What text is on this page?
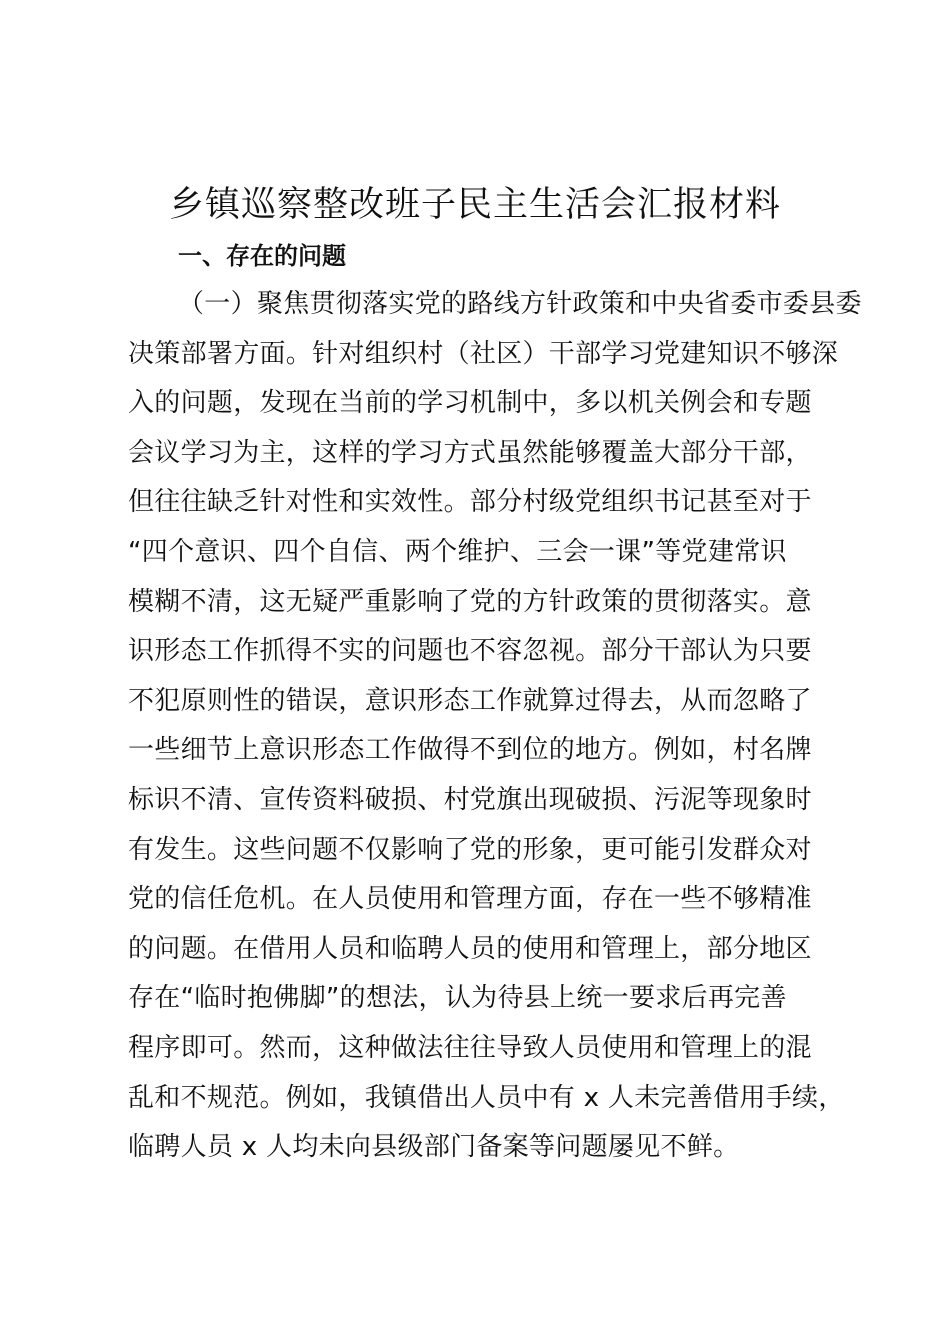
乡镇巡察整改班子民主生活会汇报材料
一、存在的问题
（一）聚焦贯彻落实党的路线方针政策和中央省委市委县委
决策部署方面。针对组织村（社区）干部学习党建知识不够深
入的问题，发现在当前的学习机制中，多以机关例会和专题
会议学习为主，这样的学习方式虽然能够覆盖大部分干部，
但往往缺乏针对性和实效性。部分村级党组织书记甚至对于
“四个意识、四个自信、两个维护、三会一课”等党建常识
模糊不清，这无疑严重影响了党的方针政策的贯彻落实。意
识形态工作抓得不实的问题也不容忽视。部分干部认为只要
不犯原则性的错误，意识形态工作就算过得去，从而忽略了
一些细节上意识形态工作做得不到位的地方。例如，村名牌
标识不清、宣传资料破损、村党旗出现破损、污泥等现象时
有发生。这些问题不仅影响了党的形象，更可能引发群众对
党的信任危机。在人员使用和管理方面，存在一些不够精准
的问题。在借用人员和临聘人员的使用和管理上，部分地区
存在“临时抱佛脚”的想法，认为待县上统一要求后再完善
程序即可。然而，这种做法往往导致人员使用和管理上的混
乱和不规范。例如，我镇借出人员中有 x 人未完善借用手续，
临聘人员 x 人均未向县级部门备案等问题屡见不鲜。
